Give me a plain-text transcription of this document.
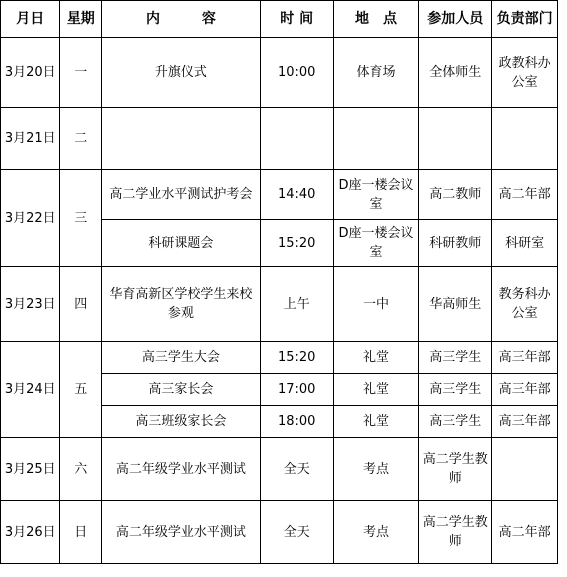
月日	星期	内　　　容	时 间	地　点	参加人员	负责部门
3月20日	一	升旗仪式	10:00	体育场	全体师生	政教科办公室
3月21日	二					
3月22日	三	高二学业水平测试护考会	14:40	D座一楼会议室	高二教师	高二年部
		科研课题会	15:20	D座一楼会议室	科研教师	科研室
3月23日	四	华育高新区学校学生来校参观	上午	一中	华高师生	教务科办公室
3月24日	五	高三学生大会	15:20	礼堂	高三学生	高三年部
		高三家长会	17:00	礼堂	高三学生	高三年部
		高三班级家长会	18:00	礼堂	高三学生	高三年部
3月25日	六	高二年级学业水平测试	全天	考点	高二学生教师	
3月26日	日	高二年级学业水平测试	全天	考点	高二学生教师	高二年部
